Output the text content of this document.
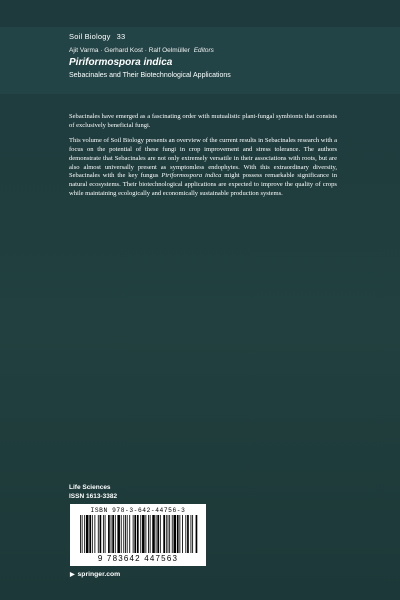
Soil Biology 33
Ajit Varma · Gerhard Kost · Ralf Oelmüller Editors
Piriformospora indica
Sebacinales and Their Biotechnological Applications

Sebacinales have emerged as a fascinating order with mutualistic plant-fungal symbionts that consists of exclusively beneficial fungi.

This volume of Soil Biology presents an overview of the current results in Sebacinales research with a focus on the potential of these fungi in crop improvement and stress tolerance. The authors demonstrate that Sebacinales are not only extremely versatile in their associations with roots, but are also almost universally present as symptomless endophytes. With this extraordinary diversity, Sebacinales with the key fungus Piriformospora indica might possess remarkable significance in natural ecosystems. Their biotechnological applications are expected to improve the quality of crops while maintaining ecologically and economically sustainable production systems.

Life Sciences
ISSN 1613-3382
ISBN 978-3-642-44756-3
9 783642 447563
▶ springer.com
